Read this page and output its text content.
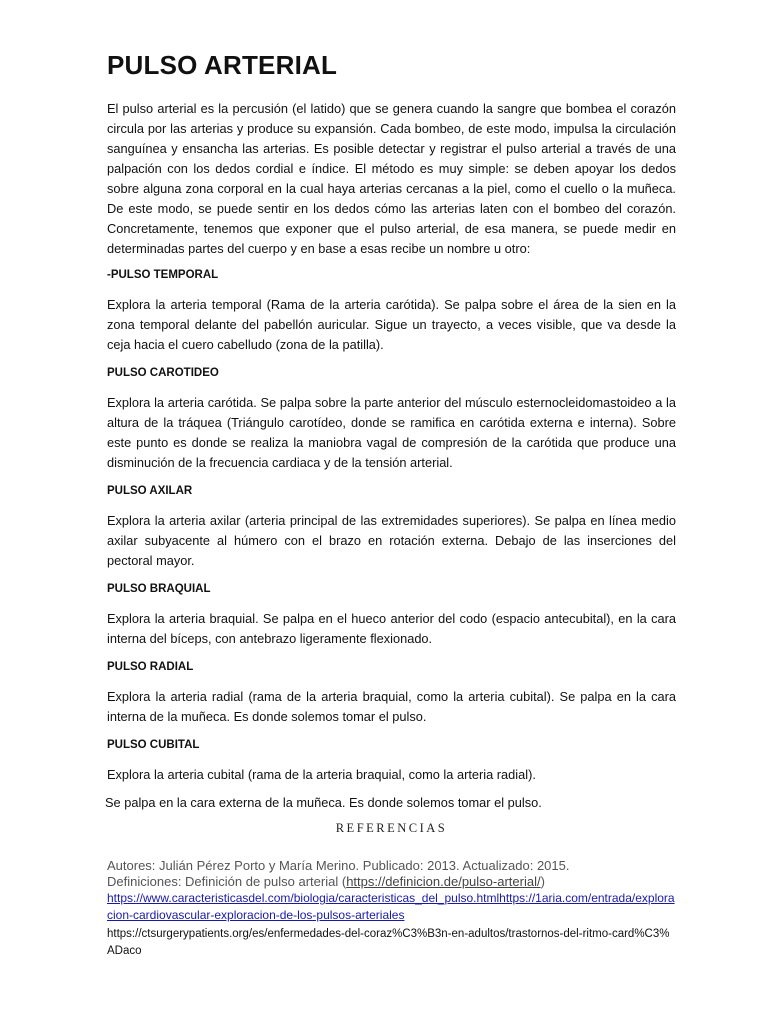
PULSO ARTERIAL

El pulso arterial es la percusión (el latido) que se genera cuando la sangre que bombea el corazón circula por las arterias y produce su expansión. Cada bombeo, de este modo, impulsa la circulación sanguínea y ensancha las arterias. Es posible detectar y registrar el pulso arterial a través de una palpación con los dedos cordial e índice. El método es muy simple: se deben apoyar los dedos sobre alguna zona corporal en la cual haya arterias cercanas a la piel, como el cuello o la muñeca. De este modo, se puede sentir en los dedos cómo las arterias laten con el bombeo del corazón. Concretamente, tenemos que exponer que el pulso arterial, de esa manera, se puede medir en determinadas partes del cuerpo y en base a esas recibe un nombre u otro:

-PULSO TEMPORAL

Explora la arteria temporal (Rama de la arteria carótida). Se palpa sobre el área de la sien en la zona temporal delante del pabellón auricular. Sigue un trayecto, a veces visible, que va desde la ceja hacia el cuero cabelludo (zona de la patilla).

PULSO CAROTIDEO

Explora la arteria carótida. Se palpa sobre la parte anterior del músculo esternocleidomastoideo a la altura de la tráquea (Triángulo carotídeo, donde se ramifica en carótida externa e interna). Sobre este punto es donde se realiza la maniobra vagal de compresión de la carótida que produce una disminución de la frecuencia cardiaca y de la tensión arterial.

PULSO AXILAR

Explora la arteria axilar (arteria principal de las extremidades superiores). Se palpa en línea medio axilar subyacente al húmero con el brazo en rotación externa. Debajo de las inserciones del pectoral mayor.

PULSO BRAQUIAL

Explora la arteria braquial. Se palpa en el hueco anterior del codo (espacio antecubital), en la cara interna del bíceps, con antebrazo ligeramente flexionado.

PULSO RADIAL

Explora la arteria radial (rama de la arteria braquial, como la arteria cubital). Se palpa en la cara interna de la muñeca. Es donde solemos tomar el pulso.

PULSO CUBITAL

Explora la arteria cubital (rama de la arteria braquial, como la arteria radial).

Se palpa en la cara externa de la muñeca. Es donde solemos tomar el pulso.

REFERENCIAS

Autores: Julián Pérez Porto y María Merino. Publicado: 2013. Actualizado: 2015.

Definiciones: Definición de pulso arterial (https://definicion.de/pulso-arterial/)

https://www.caracteristicasdel.com/biologia/caracteristicas_del_pulso.htmlhttps://1aria.com/entrada/exploracion-cardiovascular-exploracion-de-los-pulsos-arteriales

https://ctsurgerypatients.org/es/enfermedades-del-coraz%C3%B3n-en-adultos/trastornos-del-ritmo-card%C3%ADaco
